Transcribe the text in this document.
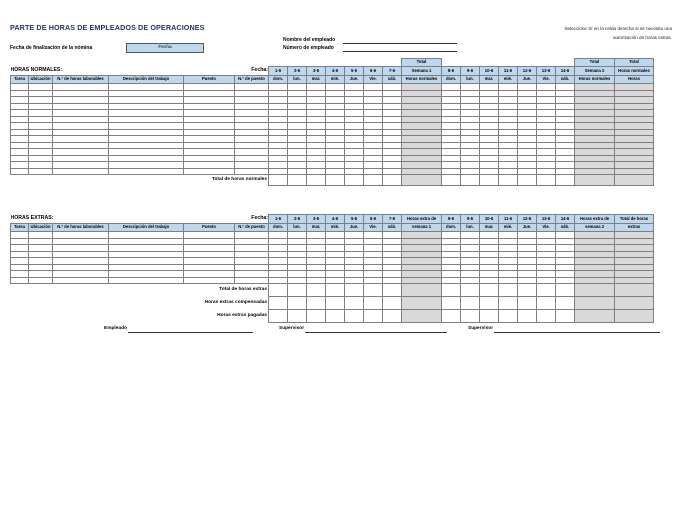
PARTE DE HORAS DE EMPLEADOS DE OPERACIONES	Seleccione Sí en la celda derecha si se necesita una autorización de horas extras.
Nombre del empleado
Número de empleado
Fecha de finalización de la nómina	Fecha
													Total								Total	Total
HORAS NORMALES:				Fecha:		1-6	2-6	3-6	4-6	5-6	6-6	7-6	Semana 1	8-6	9-6	10-6	11-6	12-6	13-6	14-6	Semana 2	Horas normales
Tarea	Ubicación	N.º de horas laborables	Descripción del trabajo	Puesto	N.º de puesto	dom.	lun.	mar.	mié.	Jue.	Vie.	sáb.	Horas normales	dom.	lun.	mar.	mié.	Jue.	Vie.	sáb.	Horas normales	Horas

Total de horas normales																						
HORAS EXTRAS:				Fecha:		1-6	2-6	3-6	4-6	5-6	6-6	7-6	Horas extra de	8-6	9-6	10-6	11-6	12-6	13-6	14-6	Horas extra de	Total de horas
Tarea	Ubicación	N.º de horas laborables	Descripción del trabajo	Puesto	N.º de puesto	dom.	lun.	mar.	mié.	Jue.	Vie.	sáb.	semana 1	dom.	lun.	mar.	mié.	Jue.	Vie.	sáb.	semana 2	extras

Total de horas extras																						
Horas extras compensadas																						
Horas extras pagadas																						
Empleado	Supervisor	Supervisor
